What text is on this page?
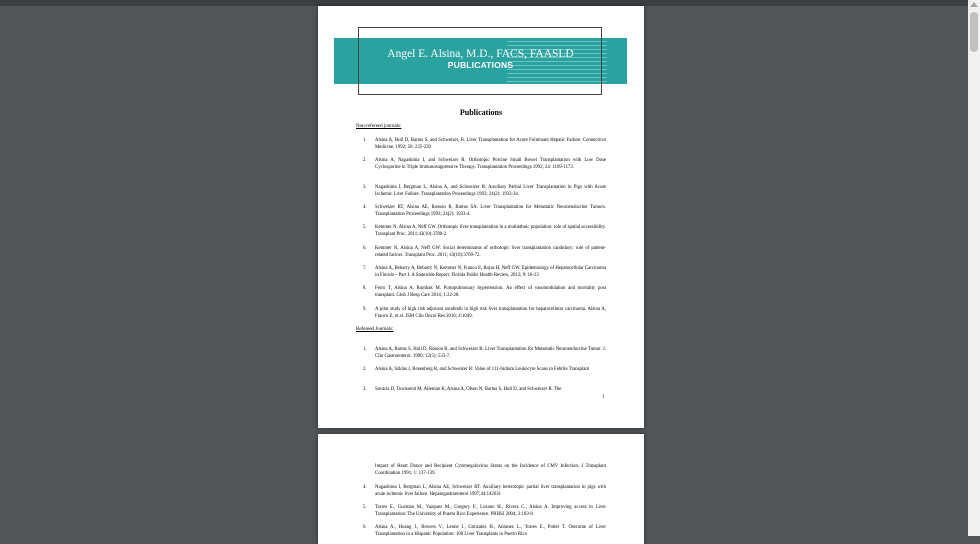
Angel E. Alsina, M.D., FACS, FAASLD
PUBLICATIONS
Publications
Non-refereed journals:
1. Alsina A, Hull D, Bartus S, and Schweizer, R. Liver Transplantation for Acute Fulminant Hepatic Failure. Connecticut Medicine. 1992; 56: 235-239
2. Alsina A, Nagashima I, and Schweizer R. Orthotopic Porcine Small Bowel Transplantation with Low Dose Cyclosporine in Triple Immunosuppressive Therapy. Transplantation Proceedings 1992; 24: 1169-1173.
3. Nagashima I, Bergman L, Alsina A, and Schweizer R. Auxiliary Partial Liver Transplantation in Pigs with Acute Ischemic Liver Failure. Transplantation Proceedings 1993; 24(2): 1933-34.
4. Schweizer RT, Alsina AE, Rosson R, Bartus SA. Liver Transplantation for Metastatic Neuroendocrine Tumors. Transplantation Proceedings 1993; 24(2): 1933-4.
5. Kemmer N, Alsina A, Neff GW. Orthotopic liver transplantation in a multiethnic population: role of spatial accessibility. Transplant Proc. 2011;43(10):3780-2.
6. Kemmer N, Alsina A, Neff GW. Social determinants of orthotopic liver transplantation candidacy: role of patient-related factors. Transplant Proc. 2011; 43(10):3769-72.
7. Alsina A, Bebarry A, Bebarry N, Kemmer N, Franco E, Rojas H, Neff GW. Epidemiology of Hepatocellular Carcinoma in Florida – Part I: A Statewide Report. Florida Public Health Review, 2012; 9: 18-23
8. Ferro T, Alsina A, Rumbak M. Portopulmonary hypertension: An effect of vasomodulation and mortality post transplant. Glob J Resp Care 2014; 1:22-28.
9. A pilot study of high risk adjuvant sorafenib in high risk liver transplantation for hepatocellular carcinoma. Alsina A, Franco E, et al. JSM Clin Oncol Res 2016; 4:1049.
Refereed Journals:
1. Alsina A, Bartus S, Hull D, Rosson R, and Schweizer R: Liver Transplantation for Metastatic Neuroendocrine Tumor. J. Clin Gastroenterol. 1990; 12(5): 533-7.
2. Alsina A, Szklas J, Rosenberg R, and Schweizer R: Value of 111-Indium Leukocyte Scans in Febrile Transplant
3. Savaria D, Townsend M, Alleman K, Alsina A, Olson N, Bartus S, Hull D, and Schweizer R. The
1
Impact of Heart Donor and Recipient Cytomegalovirus Status on the Incidence of CMV Infection. J Transplant Coordination 1991; 1: 137-139.
4. Nagashima I, Bergman L, Alsina AE, Schweizer RT. Auxiliary heterotopic partial liver transplantation in pigs with acute ischemic liver failure. Hepatogastroenterol 1997;44:142631
5. Torres E., Guzman M., Vazquez M., Gregory F., Lozano H., Rivera C., Alsina A. Improving access to Liver Transplantation: The University of Puerto Rico Experience. PRHSJ 2004; 2:183-8.
6. Alsina A., Huang J., Bowers V., Leone J., Gonzalez H., Antunez L., Torres E., Potter T. Outcome of Liver Transplantation in a Hispanic Population: 100 Liver Transplants in Puerto Rico
